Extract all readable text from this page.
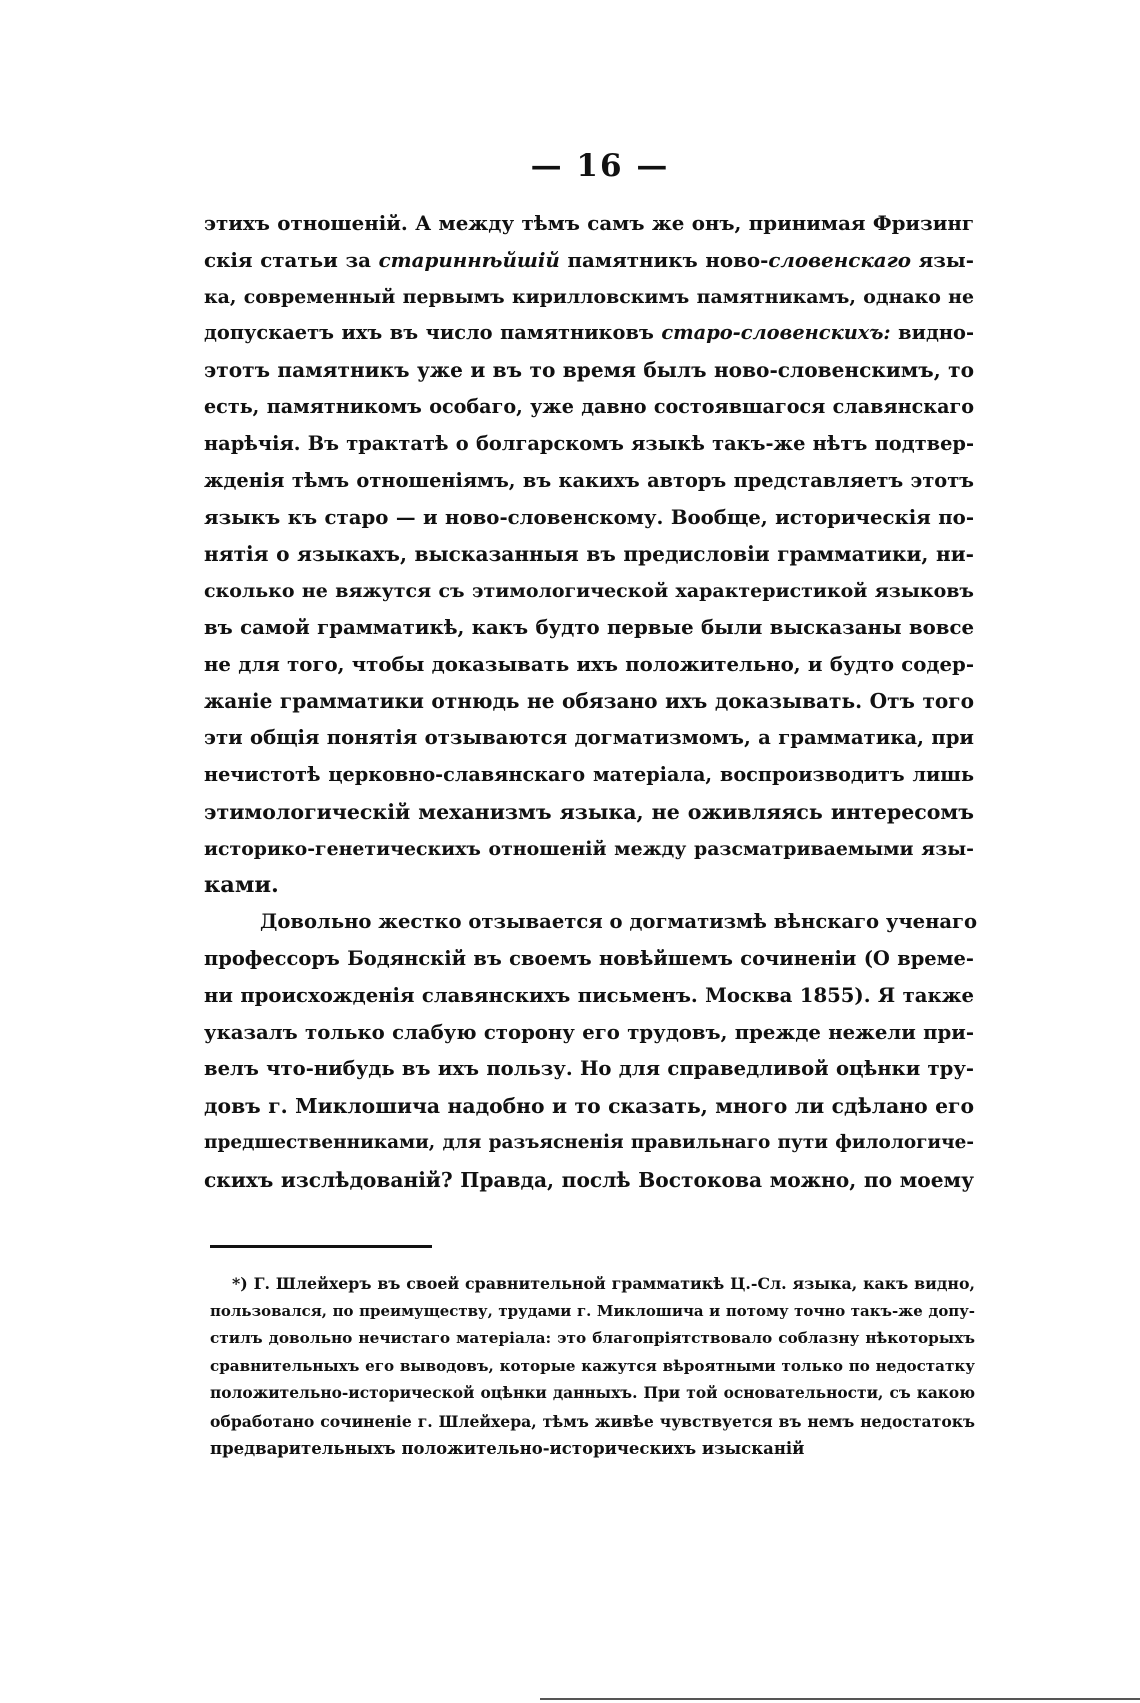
— 16 —
этихъ отношеній. А между тѣмъ самъ же онъ, принимая Фризинг
скія статьи за стариннѣйшій памятникъ ново-словенскаго язы-
ка, современный первымъ кирилловскимъ памятникамъ, однако не
допускаетъ ихъ въ число памятниковъ старо-словенскихъ: видно-
этотъ памятникъ уже и въ то время былъ ново-словенскимъ, то
есть, памятникомъ особаго, уже давно состоявшагося славянскаго
нарѣчія. Въ трактатѣ о болгарскомъ языкѣ такъ-же нѣтъ подтвер-
жденія тѣмъ отношеніямъ, въ какихъ авторъ представляетъ этотъ
языкъ къ старо — и ново-словенскому. Вообще, историческія по-
нятія о языкахъ, высказанныя въ предисловіи грамматики, ни-
сколько не вяжутся съ этимологической характеристикой языковъ
въ самой грамматикѣ, какъ будто первые были высказаны вовсе
не для того, чтобы доказывать ихъ положительно, и будто содер-
жаніе грамматики отнюдь не обязано ихъ доказывать. Отъ того
эти общія понятія отзываются догматизмомъ, а грамматика, при
нечистотѣ церковно-славянскаго матеріала, воспроизводитъ лишь
этимологическій механизмъ языка, не оживляясь интересомъ
историко-генетическихъ отношеній между разсматриваемыми язы-
ками.
Довольно жестко отзывается о догматизмѣ вѣнскаго ученаго
профессоръ Бодянскій въ своемъ новѣйшемъ сочиненіи (О време-
ни происхожденія славянскихъ письменъ. Москва 1855). Я также
указалъ только слабую сторону его трудовъ, прежде нежели при-
велъ что-нибудь въ ихъ пользу. Но для справедливой оцѣнки тру-
довъ г. Миклошича надобно и то сказать, много ли сдѣлано его
предшественниками, для разъясненія правильнаго пути филологиче-
скихъ изслѣдованій? Правда, послѣ Востокова можно, по моему
*) Г. Шлейхеръ въ своей сравнительной грамматикѣ Ц.-Сл. языка, какъ видно,
пользовался, по преимуществу, трудами г. Миклошича и потому точно такъ-же допу-
стилъ довольно нечистаго матеріала: это благопріятствовало соблазну нѣкоторыхъ
сравнительныхъ его выводовъ, которые кажутся вѣроятными только по недостатку
положительно-исторической оцѣнки данныхъ. При той основательности, съ какою
обработано сочиненіе г. Шлейхера, тѣмъ живѣе чувствуется въ немъ недостатокъ
предварительныхъ положительно-историческихъ изысканій
